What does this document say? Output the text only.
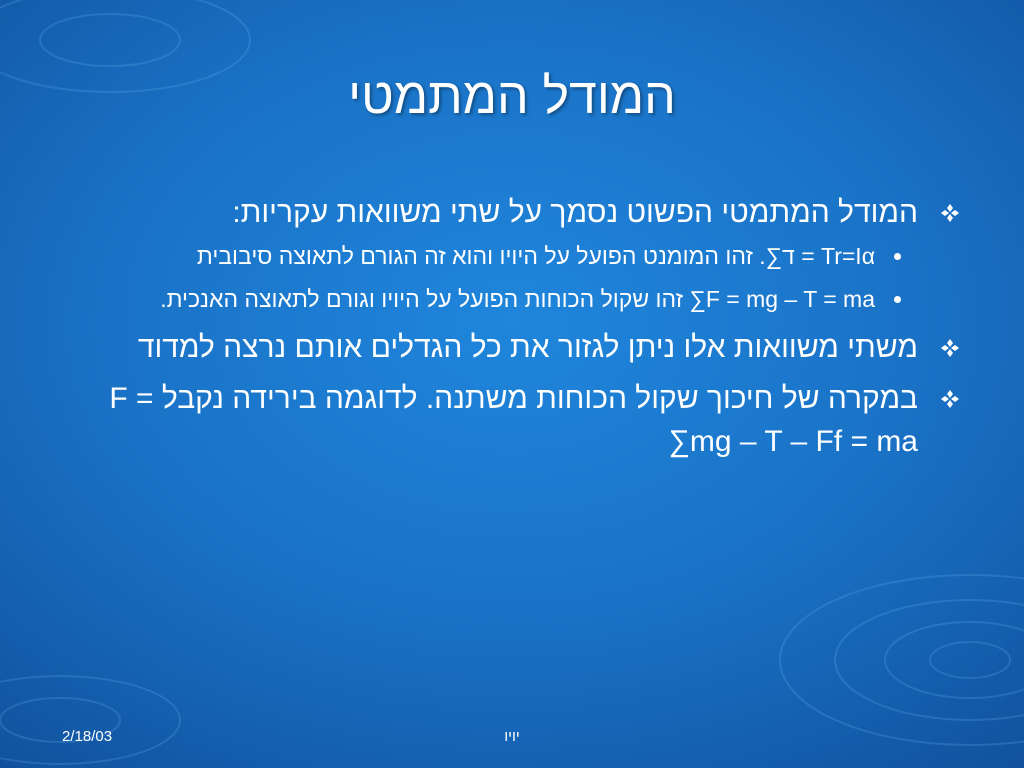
המודל המתמטי

המודל המתמטי הפשוט נסמך על שתי משוואות עקריות:

Tr=Iα = ד∑. זהו המומנט הפועל על היויו והוא זה הגורם לתאוצה סיבובית

F = mg – T = ma∑ זהו שקול הכוחות הפועל על היויו וגורם לתאוצה האנכית.

משתי משוואות אלו ניתן לגזור את כל הגדלים אותם נרצה למדוד

במקרה של חיכוך שקול הכוחות משתנה. לדוגמה בירידה נקבל F = mg – T – Ff = ma∑

2/18/03	יויו
